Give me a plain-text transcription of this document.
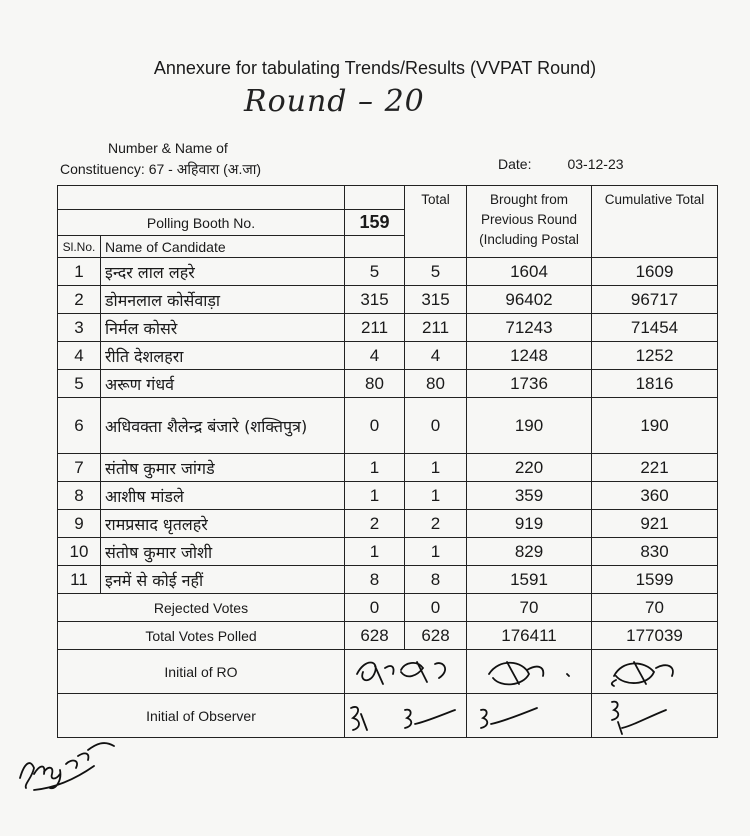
Annexure for tabulating Trends/Results (VVPAT Round)
Round – 20
Number & Name of
Constituency: 67 - अहिवारा (अ.जा)	Date:	03-12-23
			Total	Brought from Previous Round (Including Postal	Cumulative Total
Polling Booth No.		159			
Sl.No.	Name of Candidate				
1	इन्दर लाल लहरे	5	5	1604	1609
2	डोमनलाल कोर्सेवाड़ा	315	315	96402	96717
3	निर्मल कोसरे	211	211	71243	71454
4	रीति देशलहरा	4	4	1248	1252
5	अरूण गंधर्व	80	80	1736	1816
6	अधिवक्ता शैलेन्द्र बंजारे (शक्तिपुत्र)	0	0	190	190
7	संतोष कुमार जांगडे	1	1	220	221
8	आशीष मांडले	1	1	359	360
9	रामप्रसाद धृतलहरे	2	2	919	921
10	संतोष कुमार जोशी	1	1	829	830
11	इनमें से कोई नहीं	8	8	1591	1599
Rejected Votes		0	0	70	70
Total Votes Polled		628	628	176411	177039
Initial of RO	

Initial of Observer	
